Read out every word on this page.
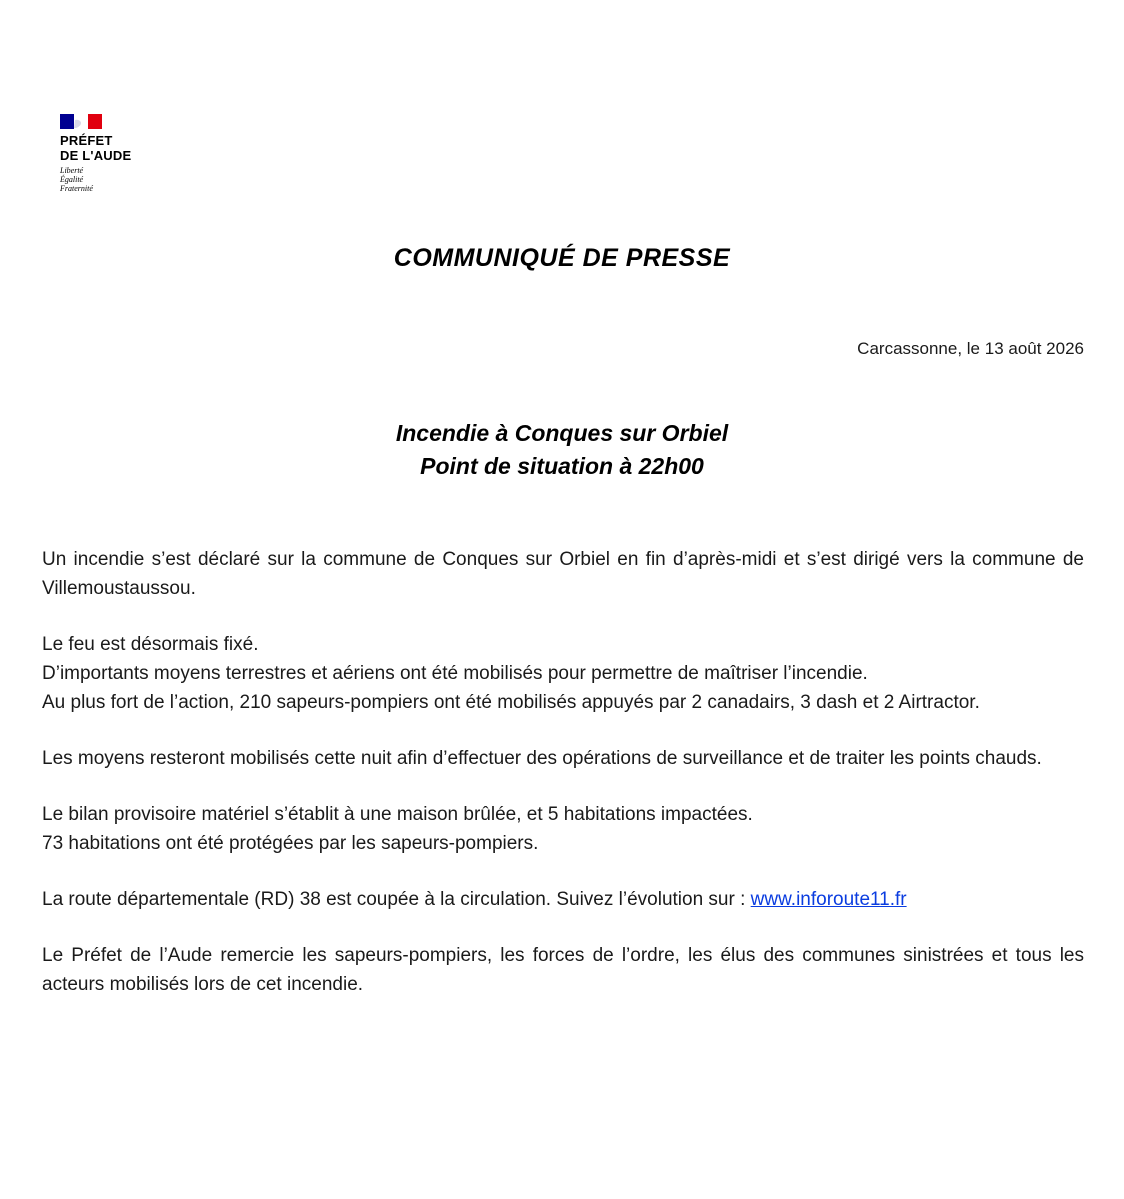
PRÉFET
DE L'AUDE
Liberté
Égalité
Fraternité
COMMUNIQUÉ DE PRESSE
Carcassonne, le 13 août 2026
Incendie à Conques sur Orbiel
Point de situation à 22h00

Un incendie s’est déclaré sur la commune de Conques sur Orbiel en fin d’après-midi et s’est dirigé vers la commune de Villemoustaussou.

Le feu est désormais fixé.
D’importants moyens terrestres et aériens ont été mobilisés pour permettre de maîtriser l’incendie.
Au plus fort de l’action, 210 sapeurs-pompiers ont été mobilisés appuyés par 2 canadairs, 3 dash et 2 Airtractor.

Les moyens resteront mobilisés cette nuit afin d’effectuer des opérations de surveillance et de traiter les points chauds.

Le bilan provisoire matériel s’établit à une maison brûlée, et 5 habitations impactées.
73 habitations ont été protégées par les sapeurs-pompiers.

La route départementale (RD) 38 est coupée à la circulation. Suivez l’évolution sur : www.inforoute11.fr

Le Préfet de l’Aude remercie les sapeurs-pompiers, les forces de l’ordre, les élus des communes sinistrées et tous les acteurs mobilisés lors de cet incendie.
